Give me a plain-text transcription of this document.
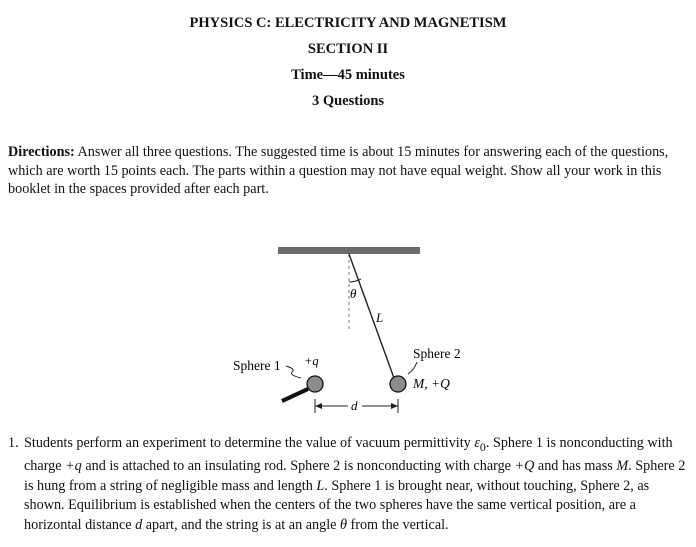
PHYSICS C: ELECTRICITY AND MAGNETISM
SECTION II
Time—45 minutes
3 Questions
Directions: Answer all three questions. The suggested time is about 15 minutes for answering each of the questions, which are worth 15 points each. The parts within a question may not have equal weight. Show all your work in this booklet in the spaces provided after each part.
θ
L
Sphere 2
M, +Q
Sphere 1 +q
d
1. Students perform an experiment to determine the value of vacuum permittivity $\varepsilon_0$. Sphere 1 is nonconducting with charge +q and is attached to an insulating rod. Sphere 2 is nonconducting with charge +Q and has mass M. Sphere 2 is hung from a string of negligible mass and length L. Sphere 1 is brought near, without touching, Sphere 2, as shown. Equilibrium is established when the centers of the two spheres have the same vertical position, are a horizontal distance d apart, and the string is at an angle θ from the vertical.
